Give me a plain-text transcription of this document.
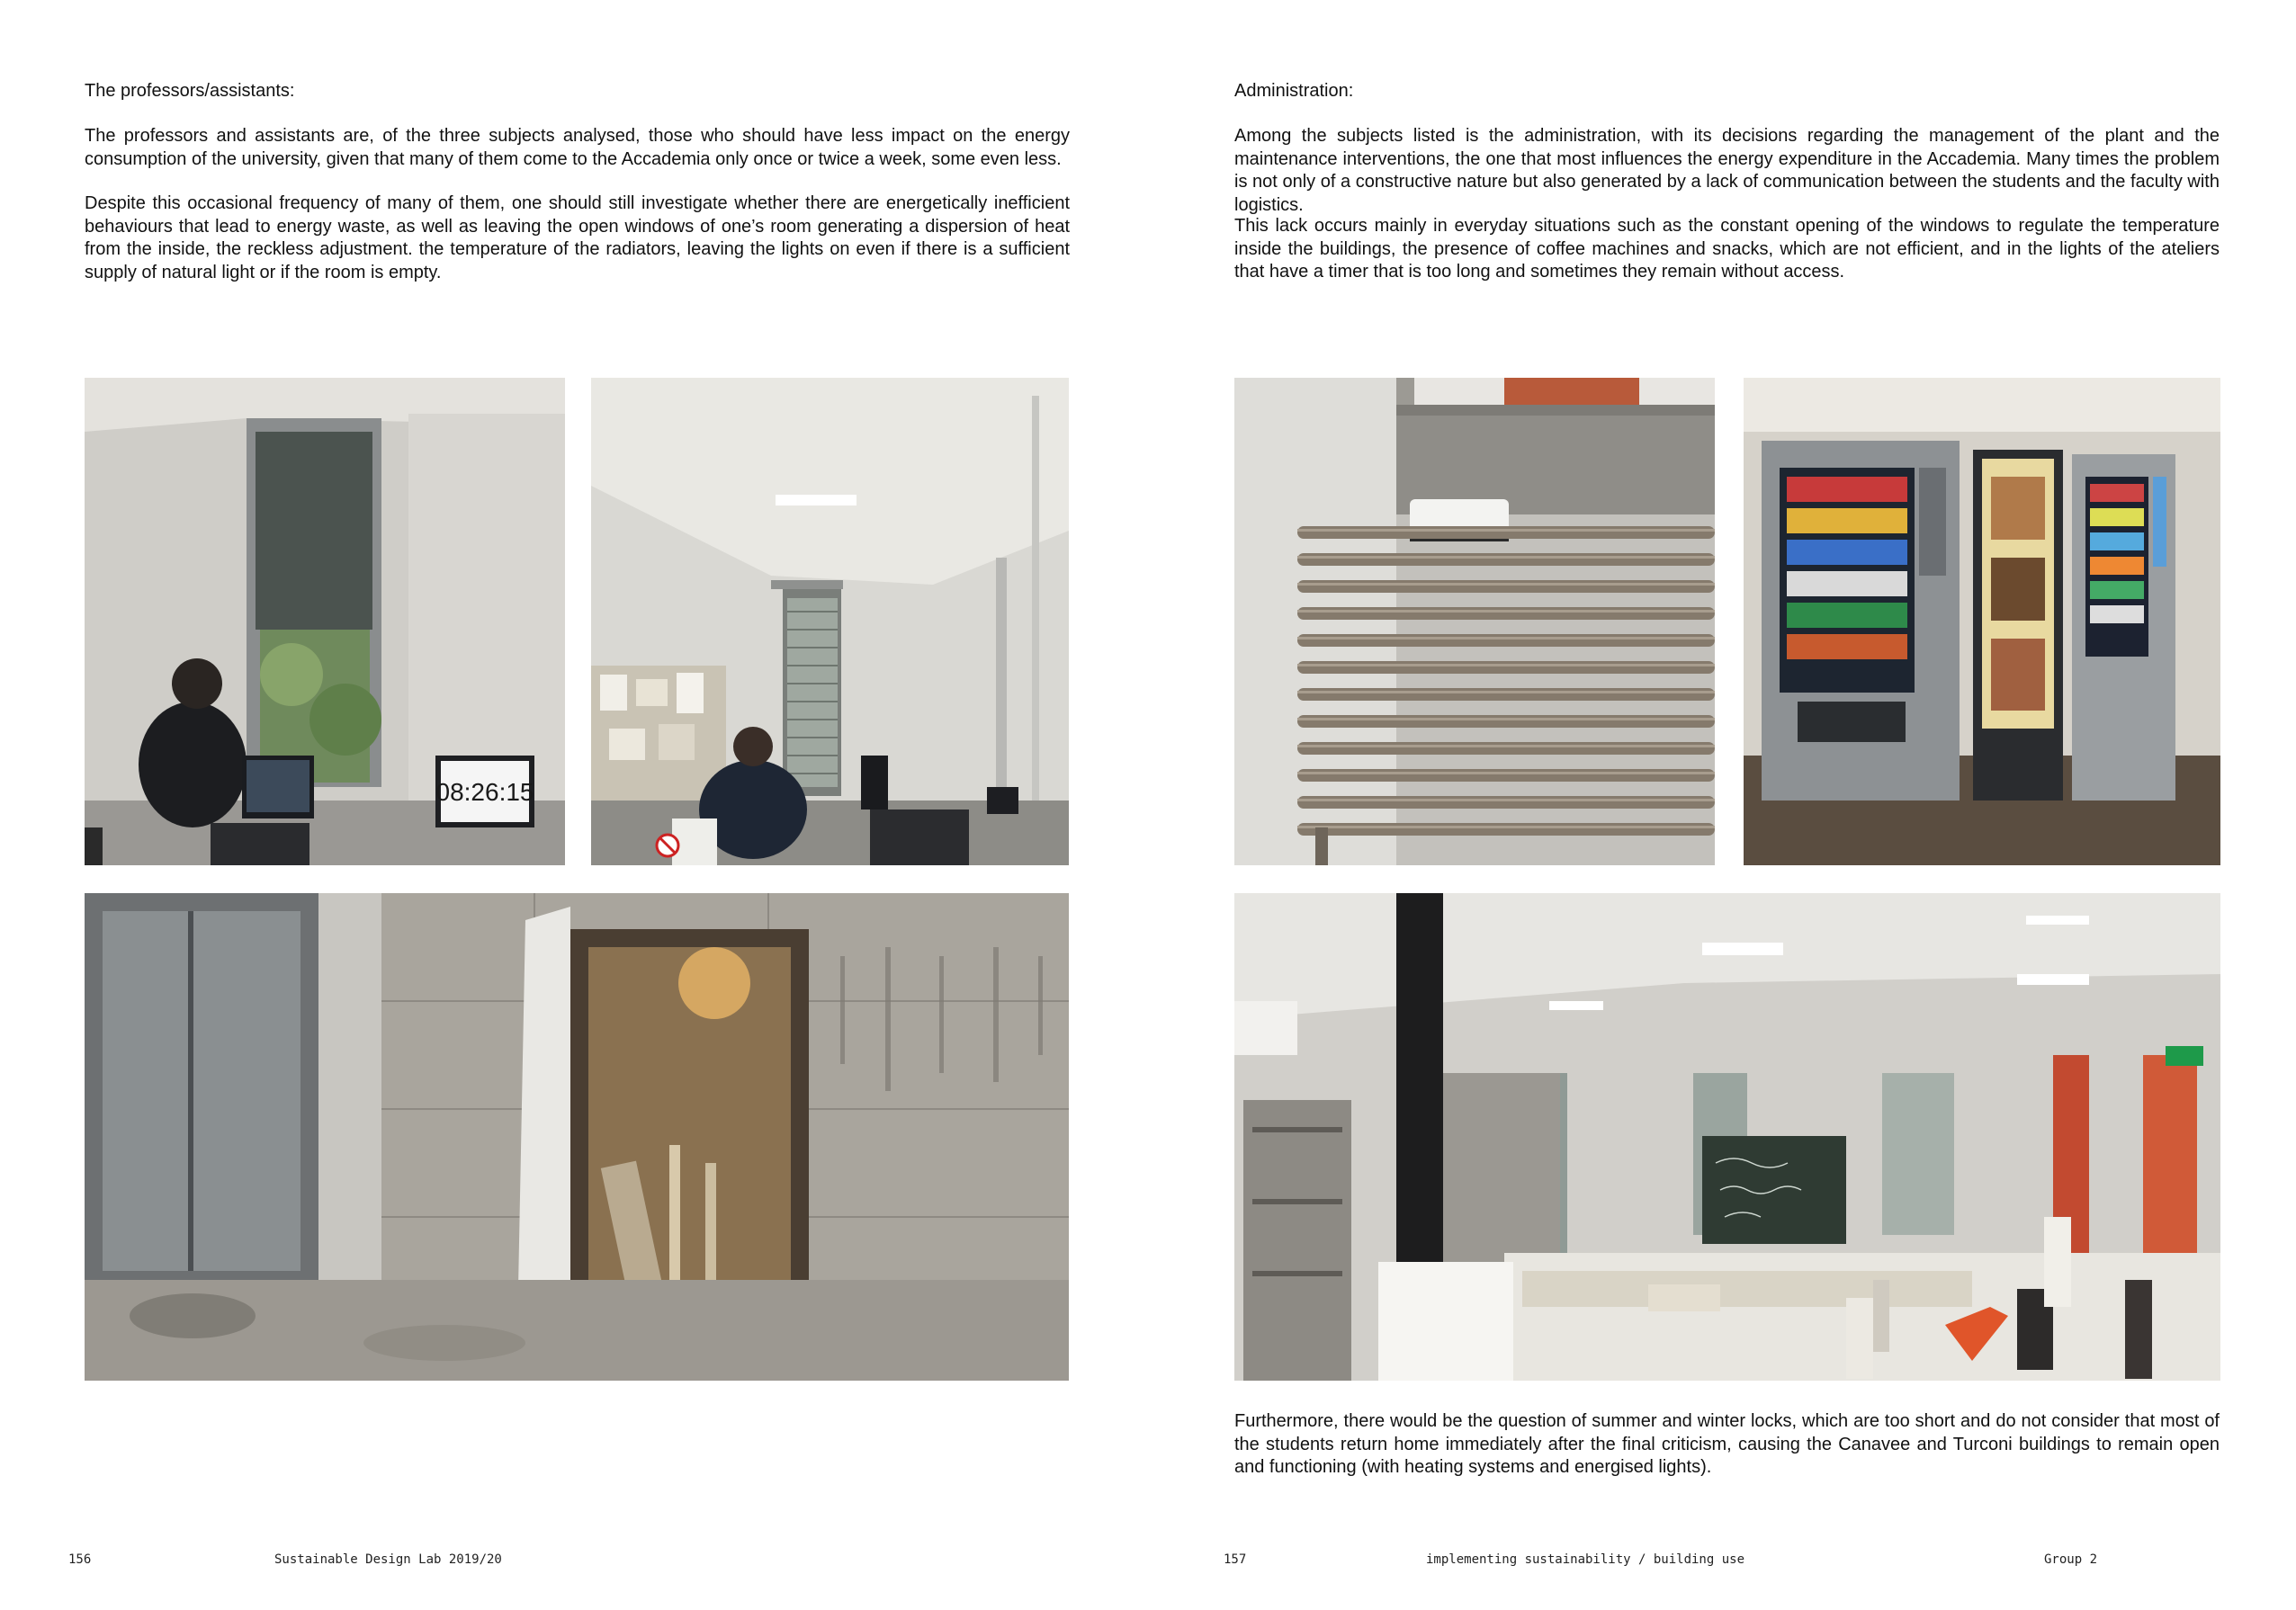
The professors/assistants:

The professors and assistants are, of the three subjects analysed, those who should have less impact on the energy consumption of the university, given that many of them come to the Accademia only once or twice a week, some even less.

Despite this occasional frequency of many of them, one should still investigate whether there are energetically inefficient behaviours that lead to energy waste, as well as leaving the open windows of one’s room generating a dispersion of heat from the inside, the reckless adjustment. the temperature of the radiators, leaving the lights on even if there is a sufficient supply of natural light or if the room is empty.

08:26:15
156	Sustainable Design Lab 2019/20
Administration:

Among the subjects listed is the administration, with its decisions regarding the management of the plant and the maintenance interventions, the one that most influences the energy expenditure in the Accademia. Many times the problem is not only of a constructive nature but also generated by a lack of communication between the students and the faculty with logistics.

This lack occurs mainly in everyday situations such as the constant opening of the windows to regulate the temperature inside the buildings, the presence of coffee machines and snacks, which are not efficient, and in the lights of the ateliers that have a timer that is too long and sometimes they remain without access.

Furthermore, there would be the question of summer and winter locks, which are too short and do not consider that most of the students return home immediately after the final criticism, causing the Canavee and Turconi buildings to remain open and functioning (with heating systems and energised lights).

157	implementing sustainability / building use	Group 2
